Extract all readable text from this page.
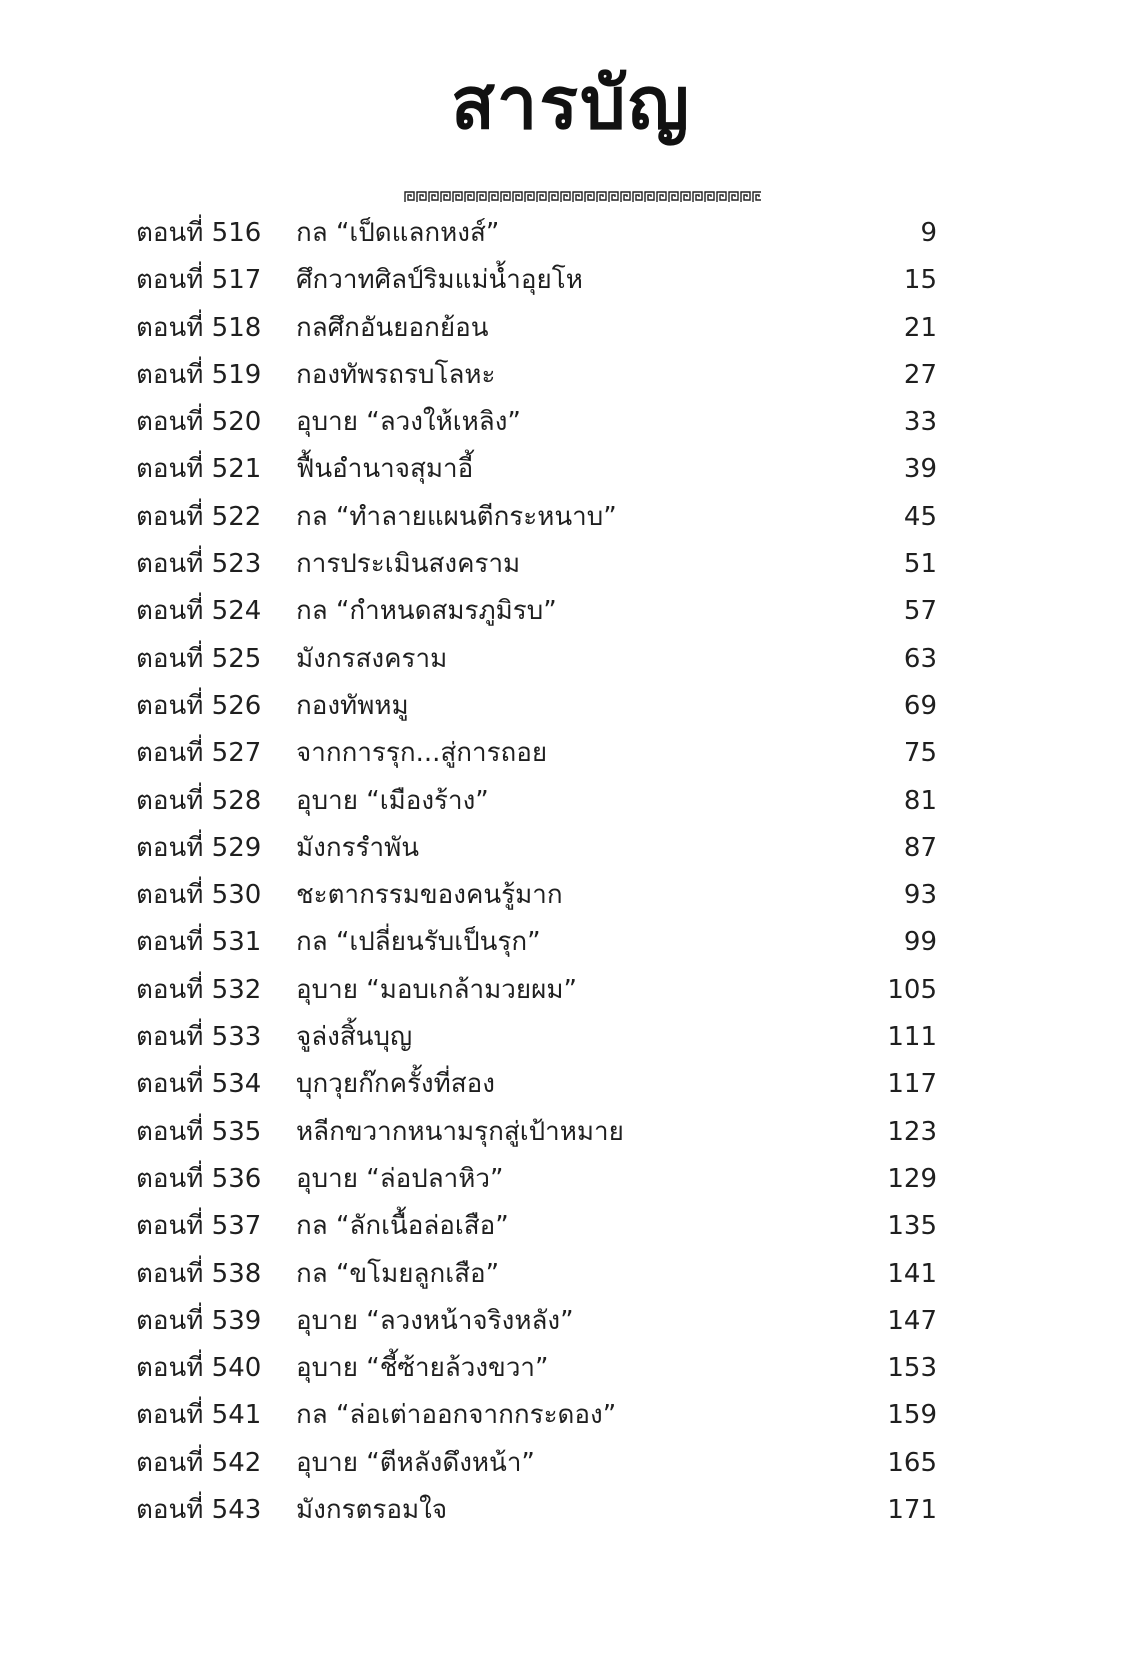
สารบัญ
ตอนที่ 516 กล “เป็ดแลกหงส์”	9
ตอนที่ 517 ศึกวาทศิลป์ริมแม่น้ำอุยโห	15
ตอนที่ 518 กลศึกอันยอกย้อน	21
ตอนที่ 519 กองทัพรถรบโลหะ	27
ตอนที่ 520 อุบาย “ลวงให้เหลิง”	33
ตอนที่ 521 ฟื้นอำนาจสุมาอี้	39
ตอนที่ 522 กล “ทำลายแผนตีกระหนาบ”	45
ตอนที่ 523 การประเมินสงคราม	51
ตอนที่ 524 กล “กำหนดสมรภูมิรบ”	57
ตอนที่ 525 มังกรสงคราม	63
ตอนที่ 526 กองทัพหมู	69
ตอนที่ 527 จากการรุก...สู่การถอย	75
ตอนที่ 528 อุบาย “เมืองร้าง”	81
ตอนที่ 529 มังกรรำพัน	87
ตอนที่ 530 ชะตากรรมของคนรู้มาก	93
ตอนที่ 531 กล “เปลี่ยนรับเป็นรุก”	99
ตอนที่ 532 อุบาย “มอบเกล้ามวยผม”	105
ตอนที่ 533 จูล่งสิ้นบุญ	111
ตอนที่ 534 บุกวุยก๊กครั้งที่สอง	117
ตอนที่ 535 หลีกขวากหนามรุกสู่เป้าหมาย	123
ตอนที่ 536 อุบาย “ล่อปลาหิว”	129
ตอนที่ 537 กล “ลักเนื้อล่อเสือ”	135
ตอนที่ 538 กล “ขโมยลูกเสือ”	141
ตอนที่ 539 อุบาย “ลวงหน้าจริงหลัง”	147
ตอนที่ 540 อุบาย “ชี้ซ้ายล้วงขวา”	153
ตอนที่ 541 กล “ล่อเต่าออกจากกระดอง”	159
ตอนที่ 542 อุบาย “ตีหลังดึงหน้า”	165
ตอนที่ 543 มังกรตรอมใจ	171
